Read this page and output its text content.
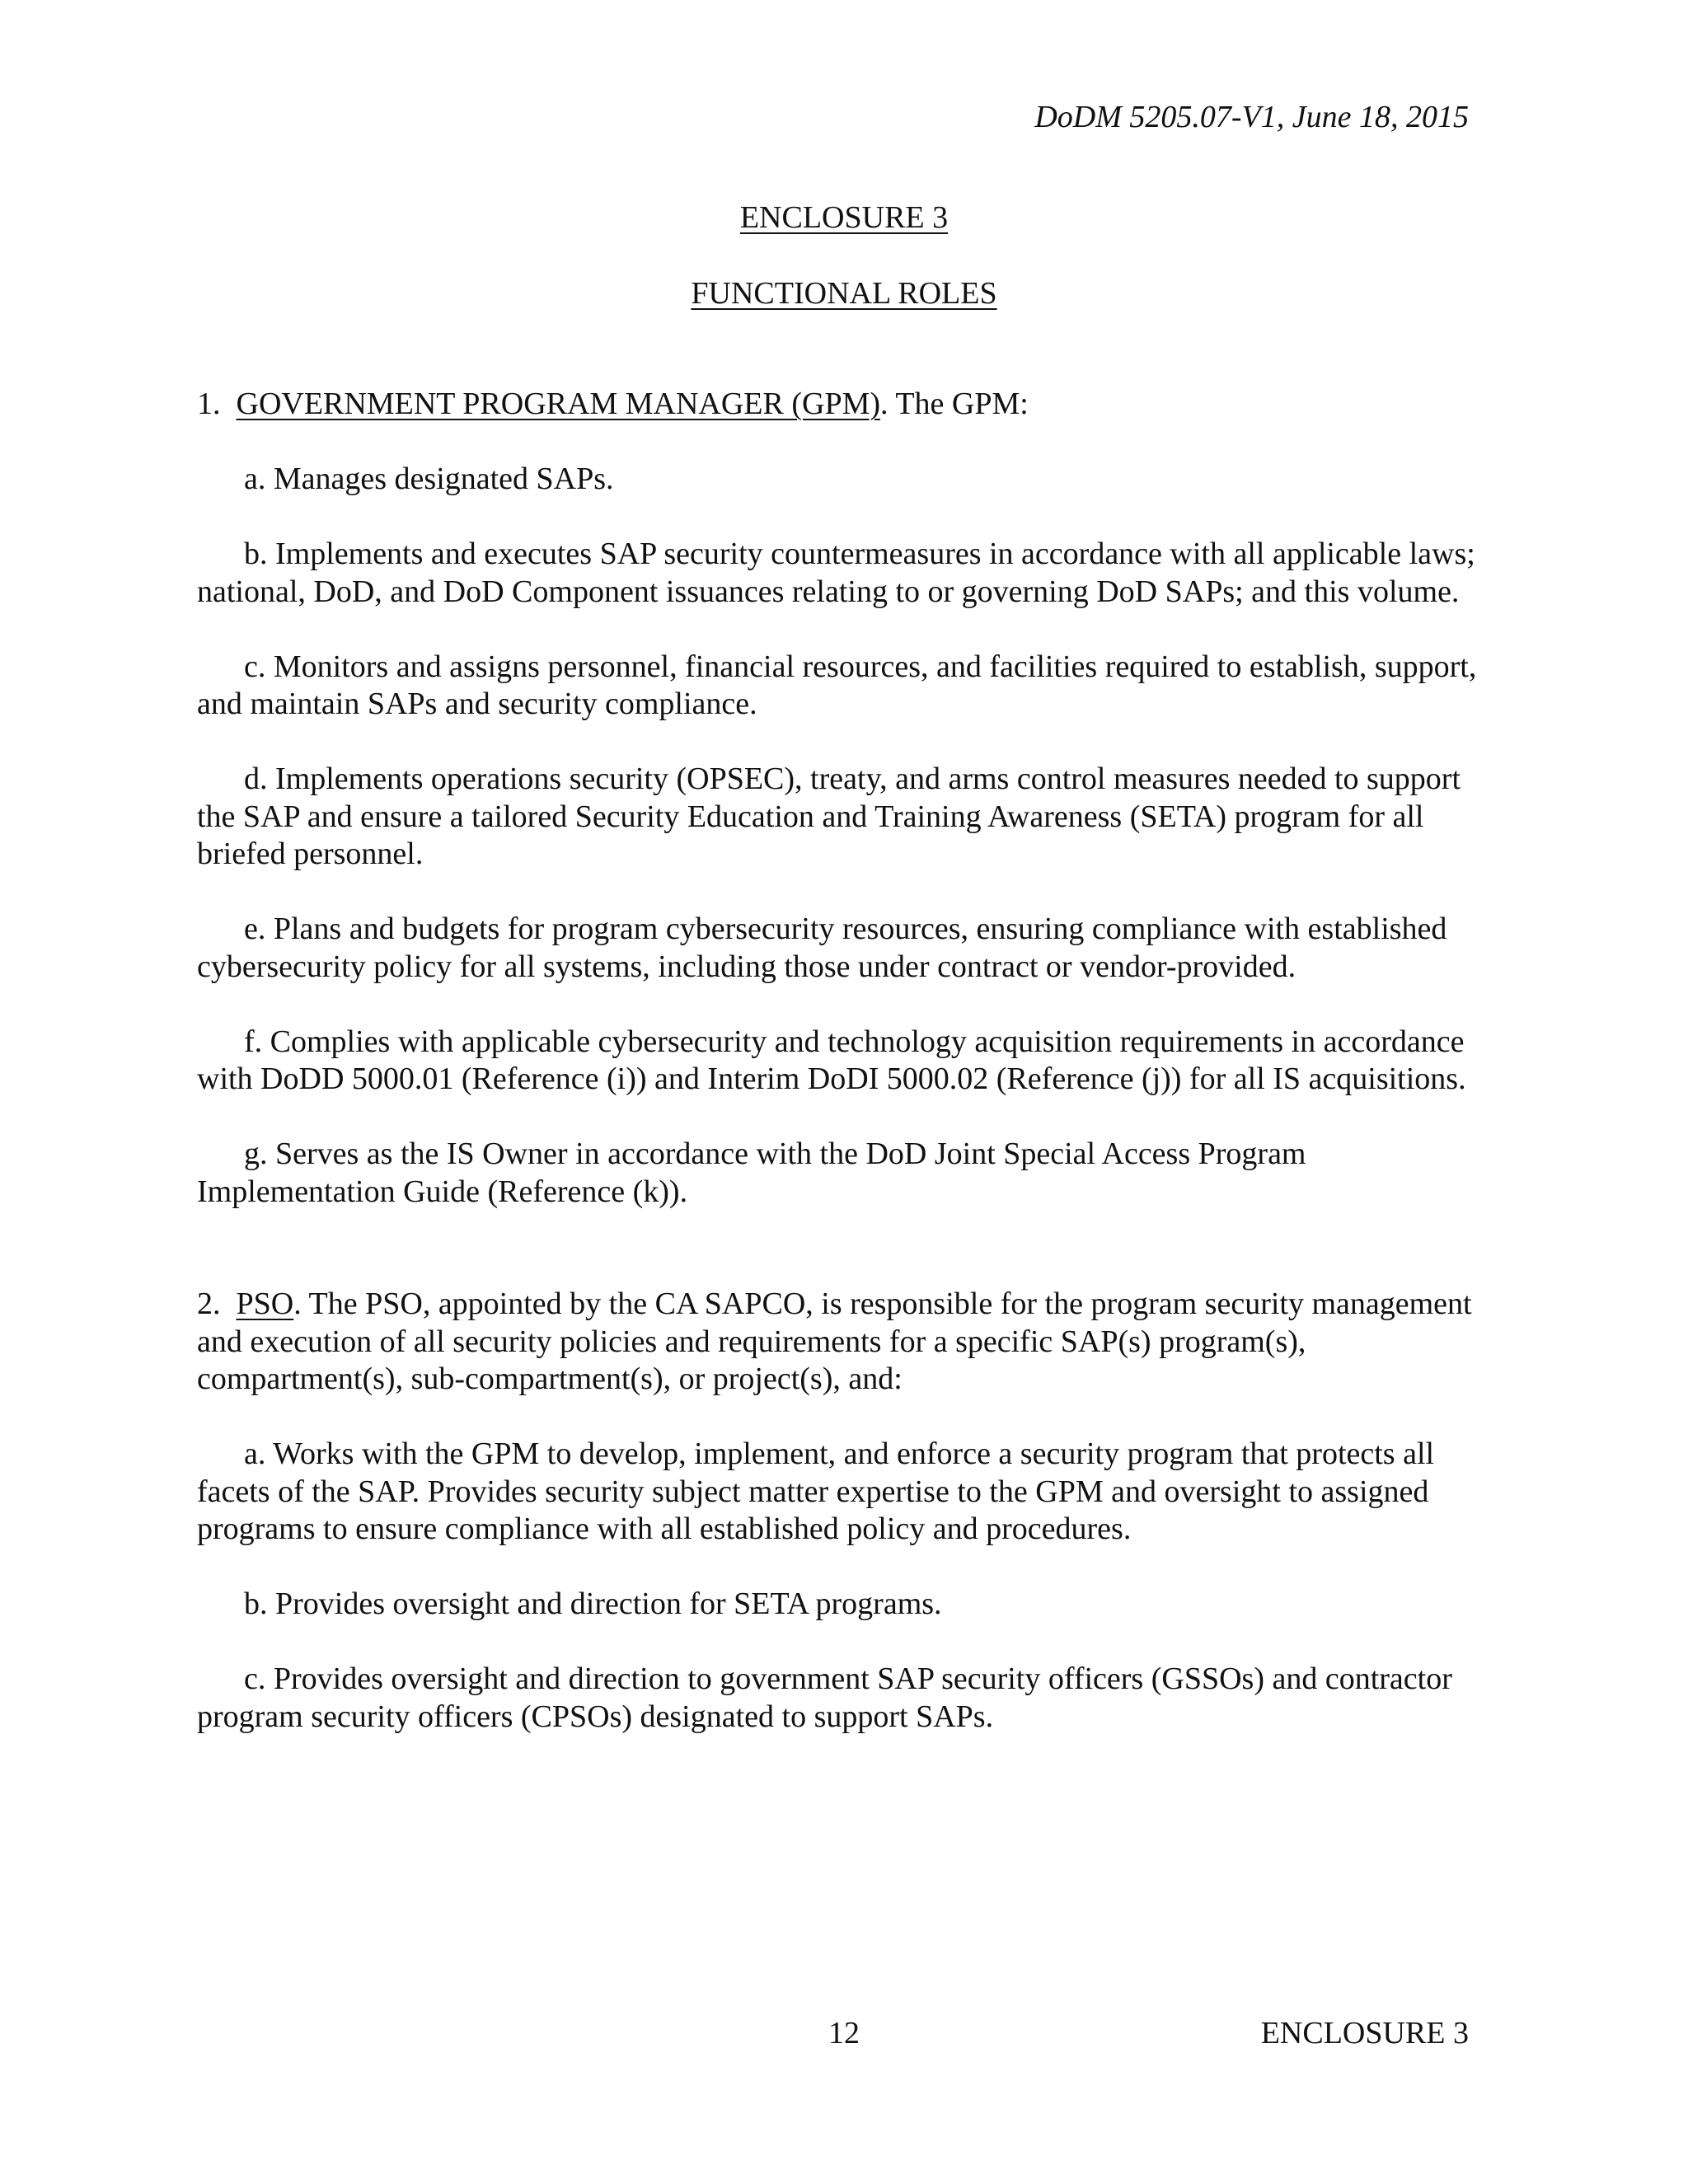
DoDM 5205.07-V1, June 18, 2015
ENCLOSURE 3
FUNCTIONAL ROLES

1. GOVERNMENT PROGRAM MANAGER (GPM). The GPM:

a. Manages designated SAPs.

b. Implements and executes SAP security countermeasures in accordance with all applicable laws; national, DoD, and DoD Component issuances relating to or governing DoD SAPs; and this volume.

c. Monitors and assigns personnel, financial resources, and facilities required to establish, support, and maintain SAPs and security compliance.

d. Implements operations security (OPSEC), treaty, and arms control measures needed to support the SAP and ensure a tailored Security Education and Training Awareness (SETA) program for all briefed personnel.

e. Plans and budgets for program cybersecurity resources, ensuring compliance with established cybersecurity policy for all systems, including those under contract or vendor-provided.

f. Complies with applicable cybersecurity and technology acquisition requirements in accordance with DoDD 5000.01 (Reference (i)) and Interim DoDI 5000.02 (Reference (j)) for all IS acquisitions.

g. Serves as the IS Owner in accordance with the DoD Joint Special Access Program Implementation Guide (Reference (k)).

2. PSO. The PSO, appointed by the CA SAPCO, is responsible for the program security management and execution of all security policies and requirements for a specific SAP(s) program(s), compartment(s), sub-compartment(s), or project(s), and:

a. Works with the GPM to develop, implement, and enforce a security program that protects all facets of the SAP. Provides security subject matter expertise to the GPM and oversight to assigned programs to ensure compliance with all established policy and procedures.

b. Provides oversight and direction for SETA programs.

c. Provides oversight and direction to government SAP security officers (GSSOs) and contractor program security officers (CPSOs) designated to support SAPs.

12	ENCLOSURE 3
